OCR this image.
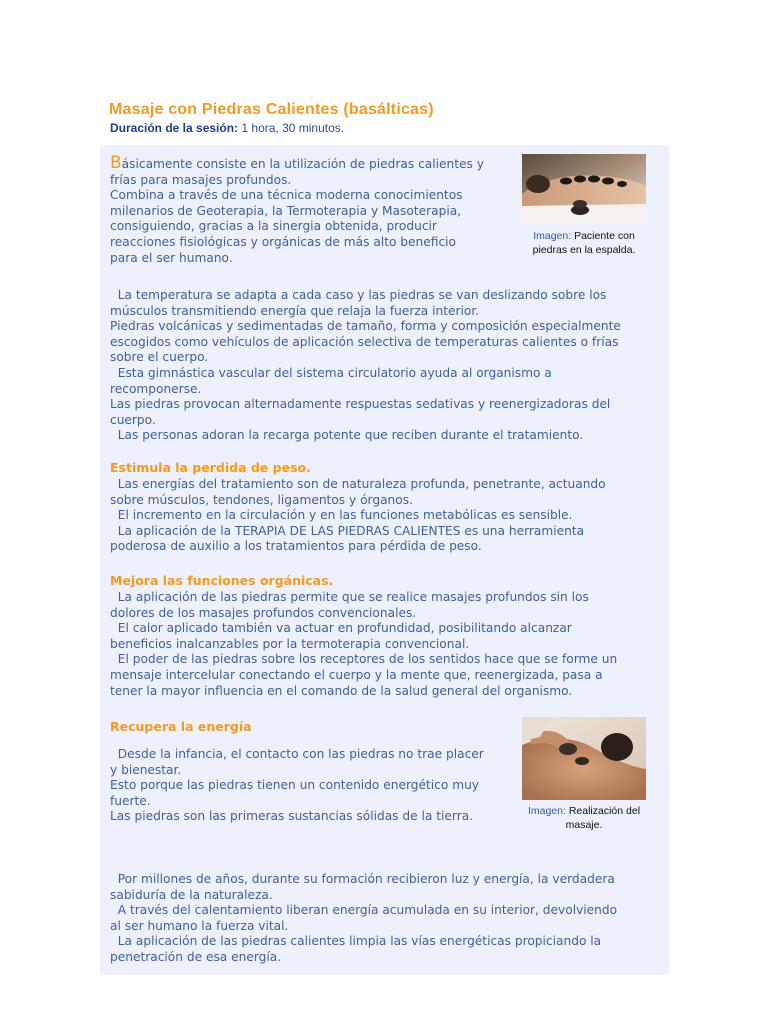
Masaje con Piedras Calientes (basálticas)
Duración de la sesión: 1 hora, 30 minutos.

Básicamente consiste en la utilización de piedras calientes y
frías para masajes profundos.
Combina a través de una técnica moderna conocimientos
milenarios de Geoterapia, la Termoterapia y Masoterapia,
consiguiendo, gracias a la sinergia obtenida, producir
reacciones fisiológicas y orgánicas de más alto beneficio
para el ser humano.

Imagen: Paciente con
piedras en la espalda.

La temperatura se adapta a cada caso y las piedras se van deslizando sobre los
músculos transmitiendo energía que relaja la fuerza interior.
Piedras volcánicas y sedimentadas de tamaño, forma y composición especialmente
escogidos como vehículos de aplicación selectiva de temperaturas calientes o frías
sobre el cuerpo.
Esta gimnástica vascular del sistema circulatorio ayuda al organismo a
recomponerse.
Las piedras provocan alternadamente respuestas sedativas y reenergizadoras del
cuerpo.
Las personas adoran la recarga potente que reciben durante el tratamiento.

Estimula la perdida de peso.

Las energías del tratamiento son de naturaleza profunda, penetrante, actuando
sobre músculos, tendones, ligamentos y órganos.
El incremento en la circulación y en las funciones metabólicas es sensible.
La aplicación de la TERAPIA DE LAS PIEDRAS CALIENTES es una herramienta
poderosa de auxilio a los tratamientos para pérdida de peso.

Mejora las funciones orgánicas.

La aplicación de las piedras permite que se realice masajes profundos sin los
dolores de los masajes profundos convencionales.
El calor aplicado también va actuar en profundidad, posibilitando alcanzar
beneficios inalcanzables por la termoterapia convencional.
El poder de las piedras sobre los receptores de los sentidos hace que se forme un
mensaje intercelular conectando el cuerpo y la mente que, reenergizada, pasa a
tener la mayor influencia en el comando de la salud general del organismo.

Recupera la energía

Desde la infancia, el contacto con las piedras no trae placer
y bienestar.
Esto porque las piedras tienen un contenido energético muy
fuerte.
Las piedras son las primeras sustancias sólidas de la tierra.	Imagen: Realización del
masaje.

Por millones de años, durante su formación recibieron luz y energía, la verdadera
sabiduría de la naturaleza.
A través del calentamiento liberan energía acumulada en su interior, devolviendo
al ser humano la fuerza vital.
La aplicación de las piedras calientes limpia las vías energéticas propiciando la
penetración de esa energía.
